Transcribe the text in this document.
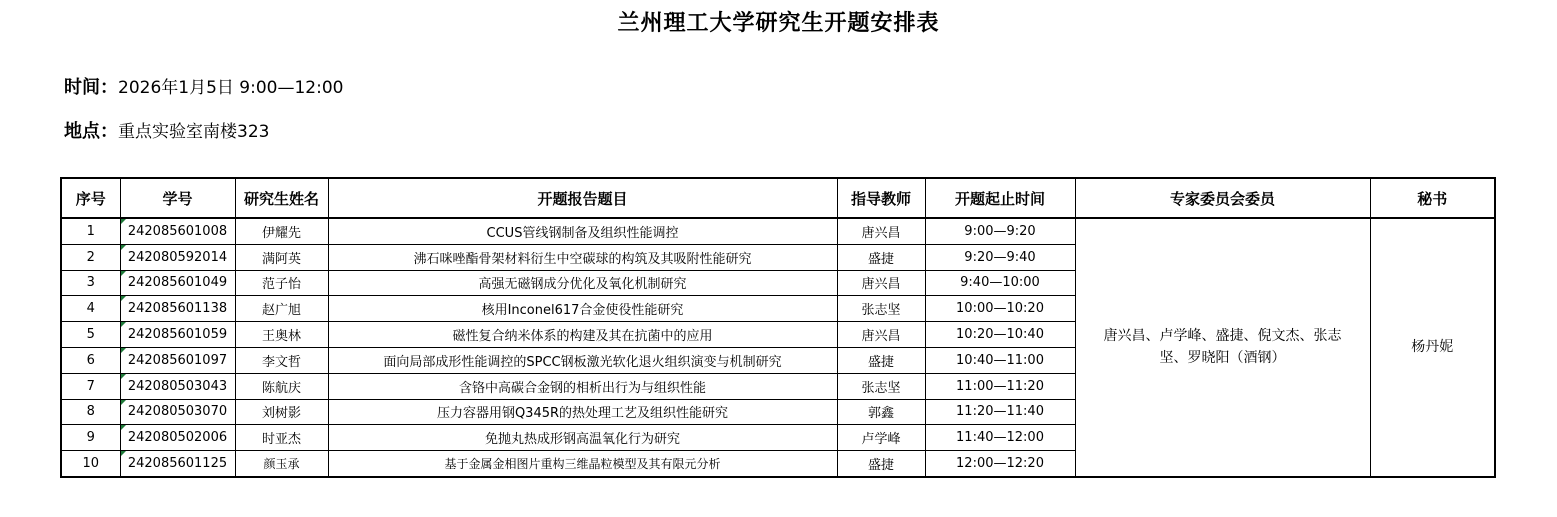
兰州理工大学研究生开题安排表
时间：2026年1月5日 9:00—12:00
地点：重点实验室南楼323
序号	学号	研究生姓名	开题报告题目	指导教师	开题起止时间	专家委员会委员	秘书
1	242085601008	伊耀先	CCUS管线钢制备及组织性能调控	唐兴昌	9:00—9:20	唐兴昌、卢学峰、盛捷、倪文杰、张志坚、罗晓阳（酒钢）	杨丹妮
2	242080592014	满阿英	沸石咪唑酯骨架材料衍生中空碳球的构筑及其吸附性能研究	盛捷	9:20—9:40		
3	242085601049	范子怡	高强无磁钢成分优化及氧化机制研究	唐兴昌	9:40—10:00		
4	242085601138	赵广旭	核用Inconel617合金使役性能研究	张志坚	10:00—10:20		
5	242085601059	王奥林	磁性复合纳米体系的构建及其在抗菌中的应用	唐兴昌	10:20—10:40		
6	242085601097	李文哲	面向局部成形性能调控的SPCC钢板激光软化退火组织演变与机制研究	盛捷	10:40—11:00		
7	242080503043	陈航庆	含铬中高碳合金钢的相析出行为与组织性能	张志坚	11:00—11:20		
8	242080503070	刘树影	压力容器用钢Q345R的热处理工艺及组织性能研究	郭鑫	11:20—11:40		
9	242080502006	时亚杰	免抛丸热成形钢高温氧化行为研究	卢学峰	11:40—12:00		
10	242085601125	颜玉承	基于金属金相图片重构三维晶粒模型及其有限元分析	盛捷	12:00—12:20		
